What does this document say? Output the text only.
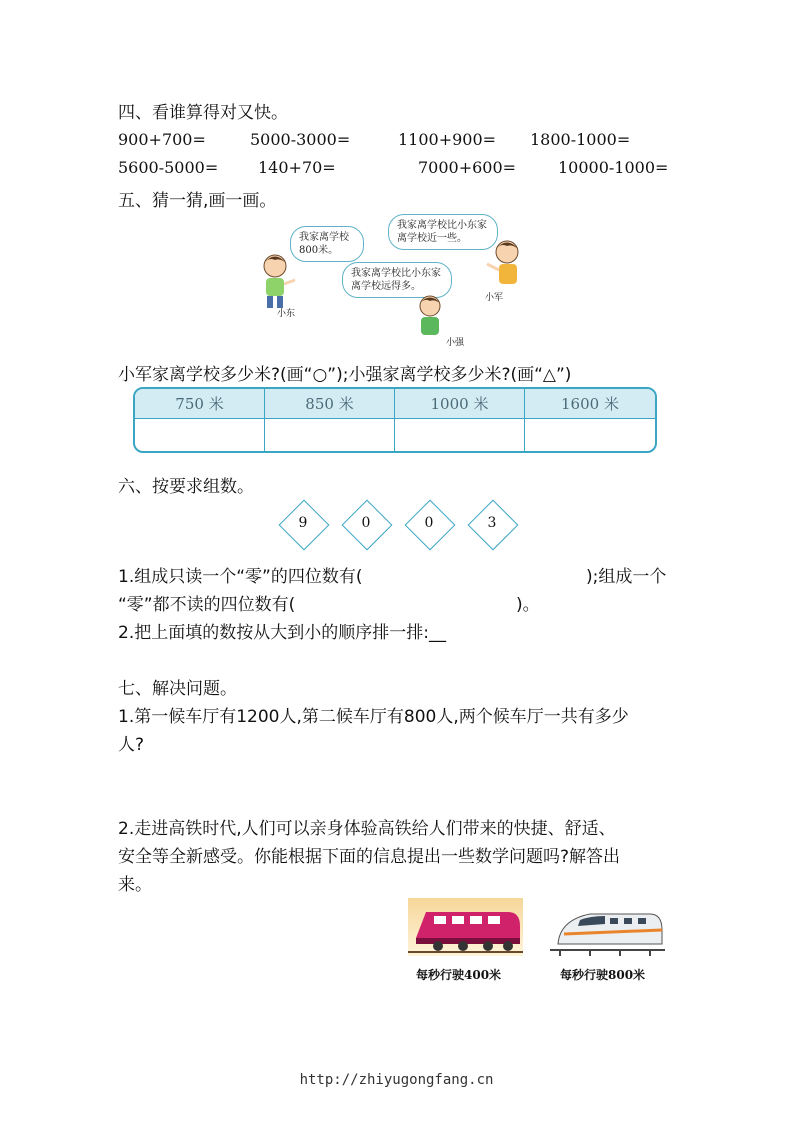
四、看谁算得对又快。
900+700=	5000-3000=	1100+900= 1800-1000=
5600-5000= 140+70=	7000+600=	10000-1000=
五、猜一猜,画一画。
我家离学校800米。
我家离学校比小东家离学校近一些。
我家离学校比小东家离学校远得多。
小东
小军
小强
小军家离学校多少米?(画“○”);小强家离学校多少米?(画“△”)
750 米	850 米	1000 米	1600 米
六、按要求组数。
9	0	0	3
1.组成只读一个“零”的四位数有(	);组成一个
“零”都不读的四位数有(	)。
2.把上面填的数按从大到小的顺序排一排:__
七、解决问题。
1.第一候车厅有1200人,第二候车厅有800人,两个候车厅一共有多少
人?
2.走进高铁时代,人们可以亲身体验高铁给人们带来的快捷、舒适、
安全等全新感受。你能根据下面的信息提出一些数学问题吗?解答出
来。
每秒行驶400米	每秒行驶800米
http://zhiyugongfang.cn
